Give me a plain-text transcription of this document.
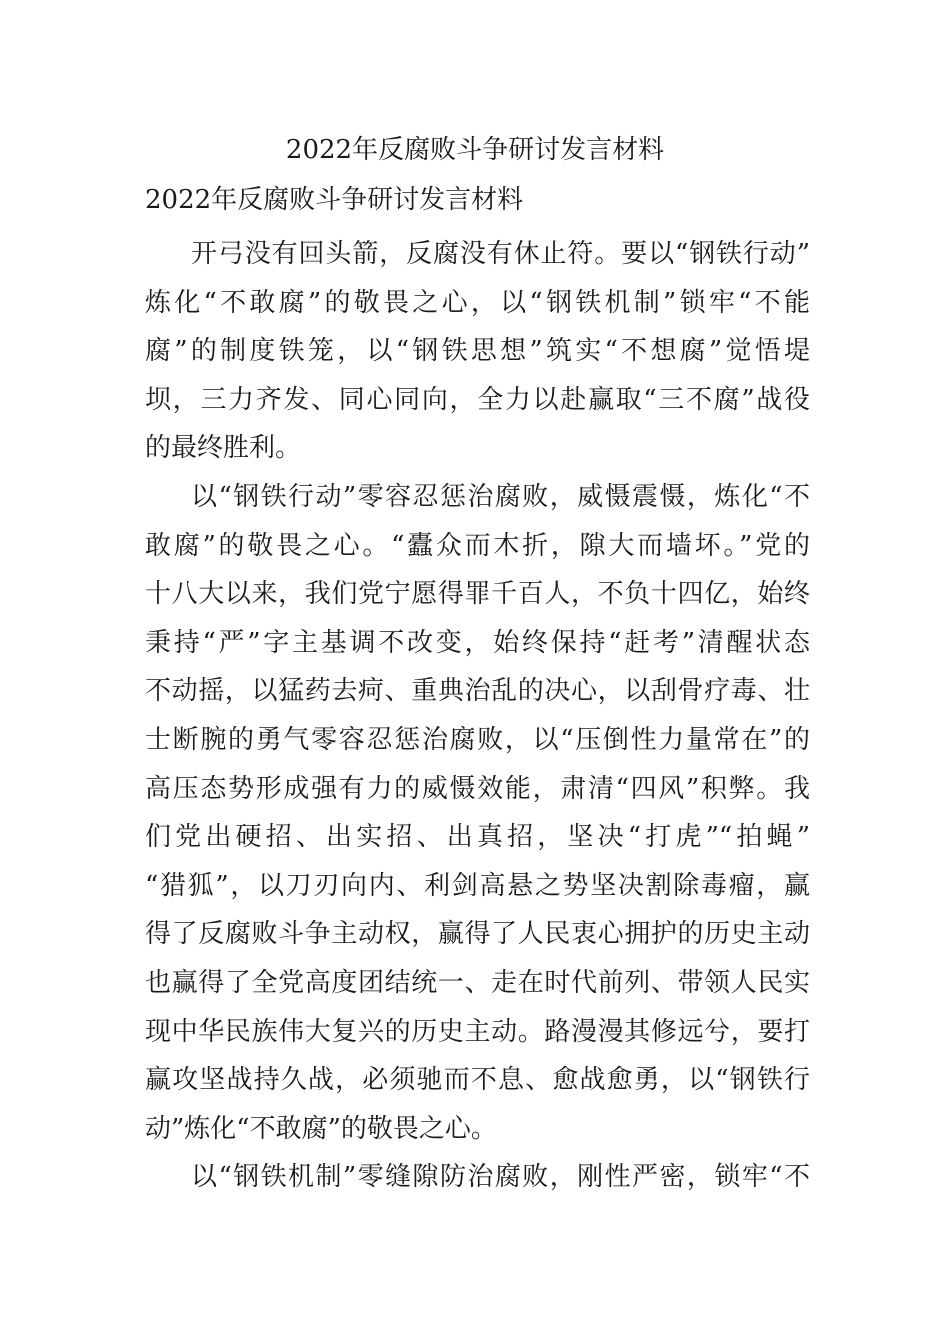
2022年反腐败斗争研讨发言材料
2022年反腐败斗争研讨发言材料
开弓没有回头箭，反腐没有休止符。要以“钢铁行动”
炼化“不敢腐”的敬畏之心，以“钢铁机制”锁牢“不能
腐”的制度铁笼，以“钢铁思想”筑实“不想腐”觉悟堤
坝，三力齐发、同心同向，全力以赴赢取“三不腐”战役
的最终胜利。
以“钢铁行动”零容忍惩治腐败，威慑震慑，炼化“不
敢腐”的敬畏之心。“蠹众而木折，隙大而墙坏。”党的
十八大以来，我们党宁愿得罪千百人，不负十四亿，始终
秉持“严”字主基调不改变，始终保持“赶考”清醒状态
不动摇，以猛药去疴、重典治乱的决心，以刮骨疗毒、壮
士断腕的勇气零容忍惩治腐败，以“压倒性力量常在”的
高压态势形成强有力的威慑效能，肃清“四风”积弊。我
们党出硬招、出实招、出真招，坚决“打虎”“拍蝇”
“猎狐”，以刀刃向内、利剑高悬之势坚决割除毒瘤，赢
得了反腐败斗争主动权，赢得了人民衷心拥护的历史主动
也赢得了全党高度团结统一、走在时代前列、带领人民实
现中华民族伟大复兴的历史主动。路漫漫其修远兮，要打
赢攻坚战持久战，必须驰而不息、愈战愈勇，以“钢铁行
动”炼化“不敢腐”的敬畏之心。
以“钢铁机制”零缝隙防治腐败，刚性严密，锁牢“不
